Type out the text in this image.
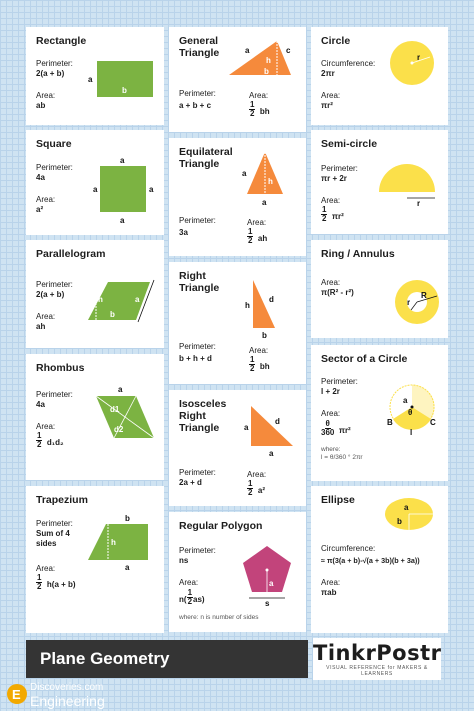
Rectangle
Perimeter:
2(a + b)
Area:
ab
a
b
Square
Perimeter:
4a
Area:
a²
a
a	a
a
Parallelogram
Perimeter:
2(a + b)
Area:
ah
h	a
b
Rhombus
Perimeter:
4a
Area:
$\frac{1}{2} d_1d_2$
a
d1
d2
Trapezium
Perimeter:
Sum of 4 sides
Area:
$\frac{1}{2} h(a + b)$
b
h
a
General Triangle
Perimeter:
a + b + c
Area:
$\frac{1}{2}$ bh
a	c
h
b
Equilateral Triangle
Perimeter:
3a
Area:
$\frac{1}{2}$ ah
a
h
a
Right Triangle
Perimeter:
b + h + d
Area:
$\frac{1}{2}$ bh
h
d
b
Isosceles Right Triangle
Perimeter:
2a + d
Area:
$\frac{1}{2} a^2$
a
d
a
Regular Polygon
Perimeter:
ns
Area:
$n( \frac{1}{2} as)$
where: n is number of sides
a
s
Circle
Circumference:
2πr
Area:
πr²
r
Semi-circle
Perimeter:
πr + 2r
Area:
$\frac{1}{2} \pi r^2$
r
Ring / Annulus
Area:
π(R² - r²)	R
r
Sector of a Circle
Perimeter:
l + 2r
Area:
$\frac{\theta}{360} \pi r^2$
where:
l = θ/360 ° 2πr
a
θ
B	C
l
Ellipse
Circumference:
≈ π(3(a + b)-√(a + 3b)(b + 3a))
Area:
πab
a
b
Plane Geometry	TinkrPostr
VISUAL REFERENCE for MAKERS & LEARNERS
E Discoveries.com
Engineering
